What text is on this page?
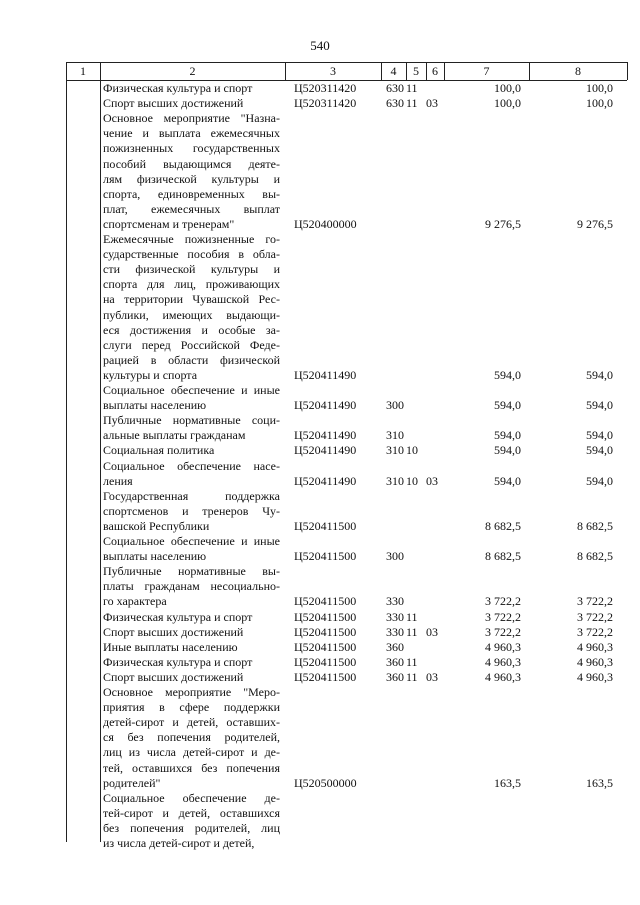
540
1	2	3	4	5	6	7	8
Физическая культура и спорт	Ц520311420 630 11	100,0	100,0
Спорт высших достижений	Ц520311420 630 11 03	100,0	100,0
Основное мероприятие "Назна-
чение и выплата ежемесячных
пожизненных государственных
пособий выдающимся деяте-
лям физической культуры и
спорта, единовременных вы-
плат, ежемесячных выплат
спортсменам и тренерам"	Ц520400000	9 276,5	9 276,5
Ежемесячные пожизненные го-
сударственные пособия в обла-
сти физической культуры и
спорта для лиц, проживающих
на территории Чувашской Рес-
публики, имеющих выдающи-
еся достижения и особые за-
слуги перед Российской Феде-
рацией в области физической
культуры и спорта	Ц520411490	594,0	594,0
Социальное обеспечение и иные
выплаты населению	Ц520411490 300	594,0	594,0
Публичные нормативные соци-
альные выплаты гражданам	Ц520411490 310	594,0	594,0
Социальная политика	Ц520411490 310 10	594,0	594,0
Социальное обеспечение насе-
ления	Ц520411490 310 10 03	594,0	594,0
Государственная поддержка
спортсменов и тренеров Чу-
вашской Республики	Ц520411500	8 682,5	8 682,5
Социальное обеспечение и иные
выплаты населению	Ц520411500 300	8 682,5	8 682,5
Публичные нормативные вы-
платы гражданам несоциально-
го характера	Ц520411500 330	3 722,2	3 722,2
Физическая культура и спорт	Ц520411500 330 11	3 722,2	3 722,2
Спорт высших достижений	Ц520411500 330 11 03	3 722,2	3 722,2
Иные выплаты населению	Ц520411500 360	4 960,3	4 960,3
Физическая культура и спорт	Ц520411500 360 11	4 960,3	4 960,3
Спорт высших достижений	Ц520411500 360 11 03	4 960,3	4 960,3
Основное мероприятие "Меро-
приятия в сфере поддержки
детей-сирот и детей, оставших-
ся без попечения родителей,
лиц из числа детей-сирот и де-
тей, оставшихся без попечения
родителей"	Ц520500000	163,5	163,5
Социальное обеспечение де-
тей-сирот и детей, оставшихся
без попечения родителей, лиц
из числа детей-сирот и детей,
